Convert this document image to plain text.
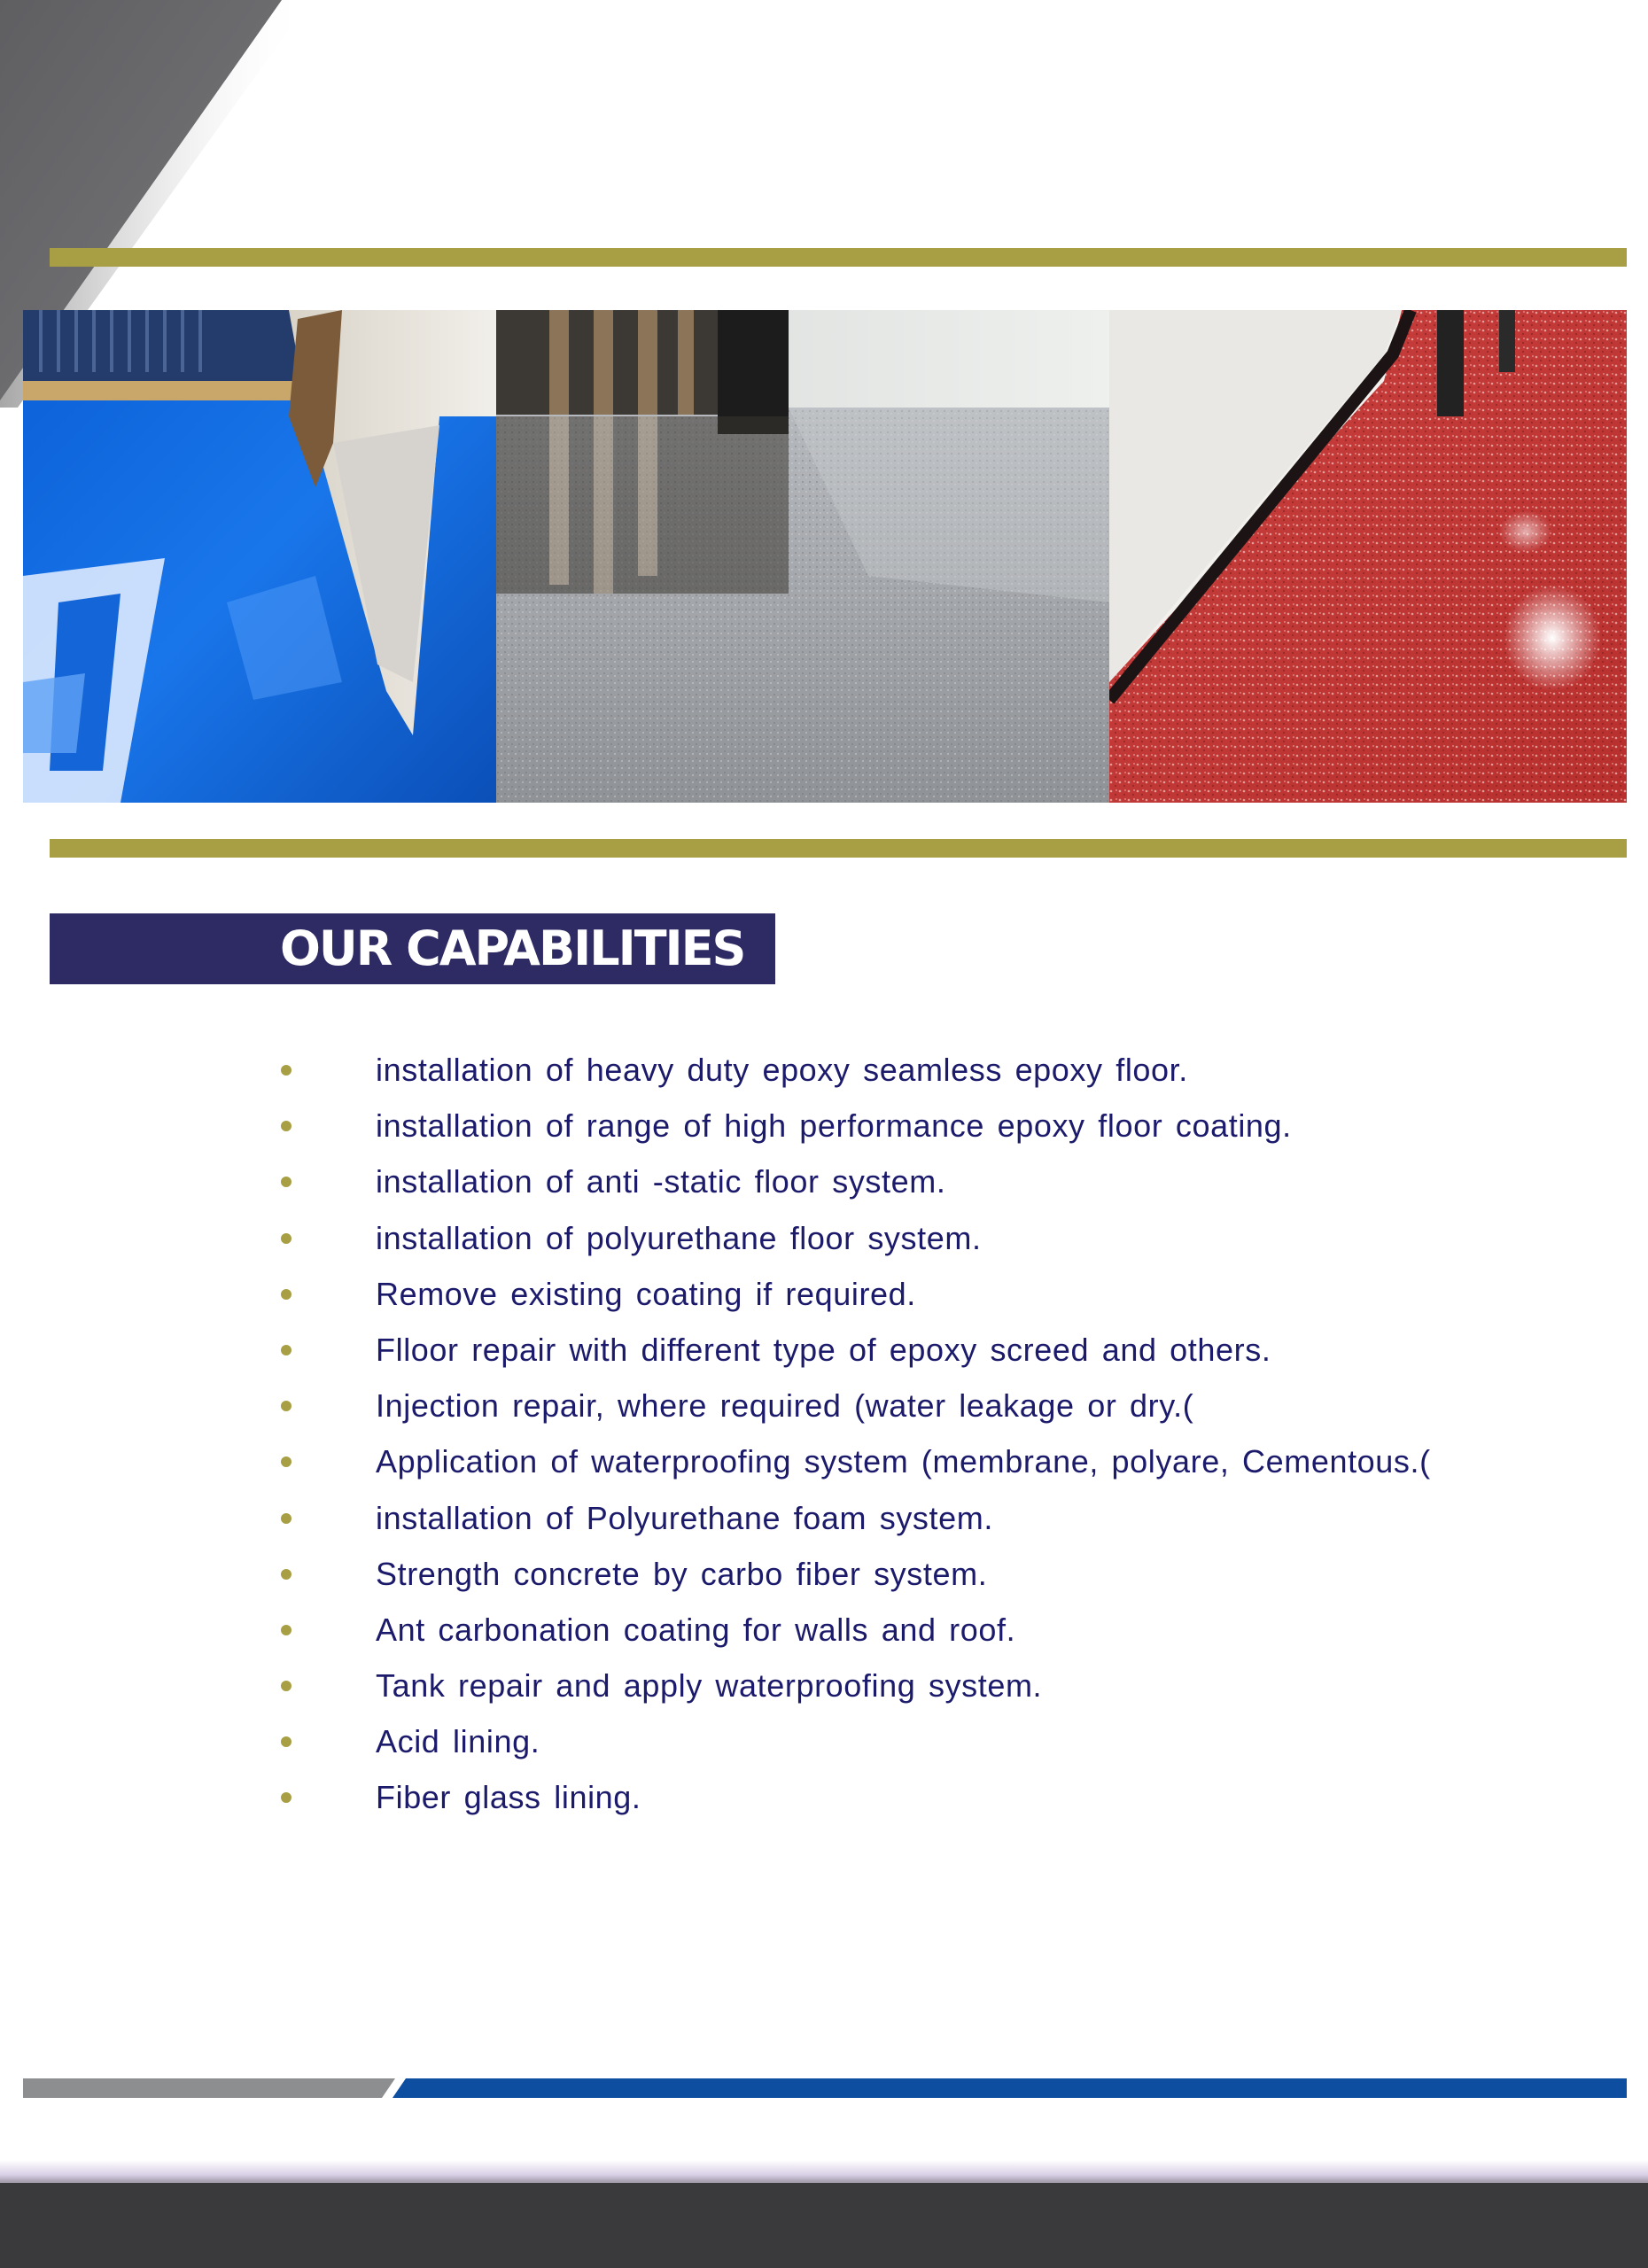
OUR CAPABILITIES
installation of heavy duty epoxy seamless epoxy floor.
installation of range of high performance epoxy floor coating.
installation of anti -static floor system.
installation of polyurethane floor system.
Remove existing coating if required.
Flloor repair with different type of epoxy screed and others.
Injection repair, where required (water leakage or dry.(
Application of waterproofing system (membrane, polyare, Cementous.(
installation of Polyurethane foam system.
Strength concrete by carbo fiber system.
Ant carbonation coating for walls and roof.
Tank repair and apply waterproofing system.
Acid lining.
Fiber glass lining.
